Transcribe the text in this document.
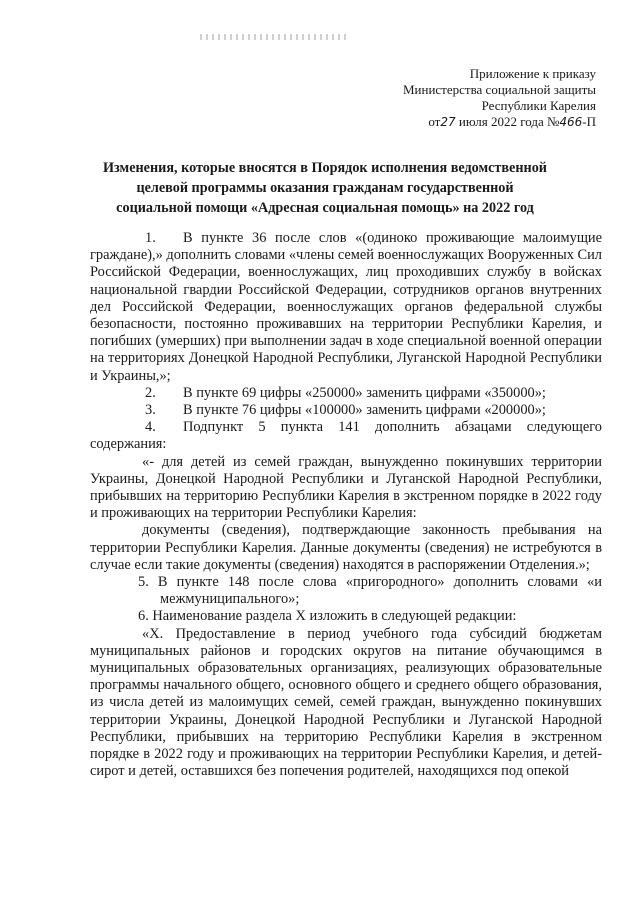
Приложение к приказу
Министерства социальной защиты
Республики Карелия
от27 июля 2022 года №466-П
Изменения, которые вносятся в Порядок исполнения ведомственной целевой программы оказания гражданам государственной социальной помощи «Адресная социальная помощь» на 2022 год

1. В пункте 36 после слов «(одиноко проживающие малоимущие граждане),» дополнить словами «члены семей военнослужащих Вооруженных Сил Российской Федерации, военнослужащих, лиц проходивших службу в войсках национальной гвардии Российской Федерации, сотрудников органов внутренних дел Российской Федерации, военнослужащих органов федеральной службы безопасности, постоянно проживавших на территории Республики Карелия, и погибших (умерших) при выполнении задач в ходе специальной военной операции на территориях Донецкой Народной Республики, Луганской Народной Республики и Украины,»;

2. В пункте 69 цифры «250000» заменить цифрами «350000»;

3. В пункте 76 цифры «100000» заменить цифрами «200000»;

4. Подпункт 5 пункта 141 дополнить абзацами следующего содержания:

«- для детей из семей граждан, вынужденно покинувших территории Украины, Донецкой Народной Республики и Луганской Народной Республики, прибывших на территорию Республики Карелия в экстренном порядке в 2022 году и проживающих на территории Республики Карелия:

документы (сведения), подтверждающие законность пребывания на территории Республики Карелия. Данные документы (сведения) не истребуются в случае если такие документы (сведения) находятся в распоряжении Отделения.»;

5. В пункте 148 после слова «пригородного» дополнить словами «и межмуниципального»;

6. Наименование раздела X изложить в следующей редакции:

«X. Предоставление в период учебного года субсидий бюджетам муниципальных районов и городских округов на питание обучающимся в муниципальных образовательных организациях, реализующих образовательные программы начального общего, основного общего и среднего общего образования, из числа детей из малоимущих семей, семей граждан, вынужденно покинувших территории Украины, Донецкой Народной Республики и Луганской Народной Республики, прибывших на территорию Республики Карелия в экстренном порядке в 2022 году и проживающих на территории Республики Карелия, и детей-сирот и детей, оставшихся без попечения родителей, находящихся под опекой
